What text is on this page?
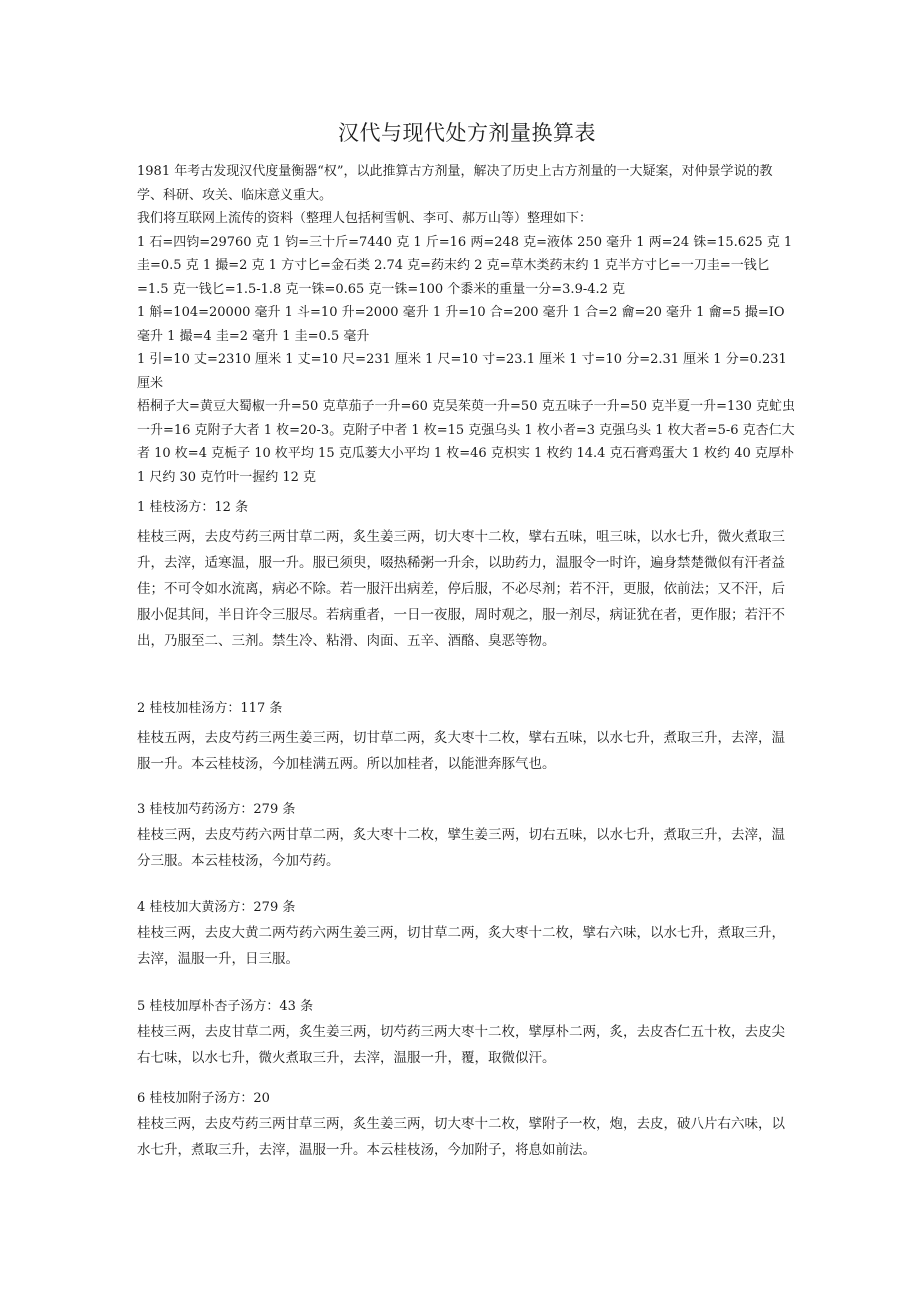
汉代与现代处方剂量换算表

1981 年考古发现汉代度量衡器“权”，以此推算古方剂量，解决了历史上古方剂量的一大疑案，对仲景学说的教学、科研、攻关、临床意义重大。

我们将互联网上流传的资料（整理人包括柯雪帆、李可、郝万山等）整理如下：

1 石=四钧=29760 克 1 钧=三十斤=7440 克 1 斤=16 两=248 克=液体 250 毫升 1 两=24 铢=15.625 克 1 圭=0.5 克 1 撮=2 克 1 方寸匕=金石类 2.74 克=药末约 2 克=草木类药末约 1 克半方寸匕=一刀圭=一钱匕=1.5 克一钱匕=1.5-1.8 克一铢=0.65 克一铢=100 个黍米的重量一分=3.9-4.2 克

1 斛=104=20000 毫升 1 斗=10 升=2000 毫升 1 升=10 合=200 毫升 1 合=2 龠=20 毫升 1 龠=5 撮=IO 毫升 1 撮=4 圭=2 毫升 1 圭=0.5 毫升

1 引=10 丈=2310 厘米 1 丈=10 尺=231 厘米 1 尺=10 寸=23.1 厘米 1 寸=10 分=2.31 厘米 1 分=0.231 厘米

梧桐子大=黄豆大蜀椒一升=50 克草茄子一升=60 克吴茱萸一升=50 克五味子一升=50 克半夏一升=130 克虻虫一升=16 克附子大者 1 枚=20-3。克附子中者 1 枚=15 克强乌头 1 枚小者=3 克强乌头 1 枚大者=5-6 克杏仁大者 10 枚=4 克栀子 10 枚平均 15 克瓜蒌大小平均 1 枚=46 克枳实 1 枚约 14.4 克石膏鸡蛋大 1 枚约 40 克厚朴 1 尺约 30 克竹叶一握约 12 克

1 桂枝汤方：12 条

桂枝三两，去皮芍药三两甘草二两，炙生姜三两，切大枣十二枚，擘右五味，咀三味，以水七升，微火煮取三升，去滓，适寒温，服一升。服已须臾，啜热稀粥一升余，以助药力，温服令一时许，遍身禁楚微似有汗者益佳；不可令如水流离，病必不除。若一服汗出病差，停后服，不必尽剂；若不汗，更服，依前法；又不汗，后服小促其间，半日许令三服尽。若病重者，一日一夜服，周时观之，服一剂尽，病证犹在者，更作服；若汗不出，乃服至二、三剂。禁生冷、粘滑、肉面、五辛、酒酪、臭恶等物。

2 桂枝加桂汤方：117 条

桂枝五两，去皮芍药三两生姜三两，切甘草二两，炙大枣十二枚，擘右五味，以水七升，煮取三升，去滓，温服一升。本云桂枝汤，今加桂满五两。所以加桂者，以能泄奔豚气也。

3 桂枝加芍药汤方：279 条

桂枝三两，去皮芍药六两甘草二两，炙大枣十二枚，擘生姜三两，切右五味，以水七升，煮取三升，去滓，温分三服。本云桂枝汤，今加芍药。

4 桂枝加大黄汤方：279 条

桂枝三两，去皮大黄二两芍药六两生姜三两，切甘草二两，炙大枣十二枚，擘右六味，以水七升，煮取三升，去滓，温服一升，日三服。

5 桂枝加厚朴杏子汤方：43 条

桂枝三两，去皮甘草二两，炙生姜三两，切芍药三两大枣十二枚，擘厚朴二两，炙，去皮杏仁五十枚，去皮尖右七味，以水七升，微火煮取三升，去滓，温服一升，覆，取微似汗。

6 桂枝加附子汤方：20

桂枝三两，去皮芍药三两甘草三两，炙生姜三两，切大枣十二枚，擘附子一枚，炮，去皮，破八片右六味，以水七升，煮取三升，去滓，温服一升。本云桂枝汤，今加附子，将息如前法。
